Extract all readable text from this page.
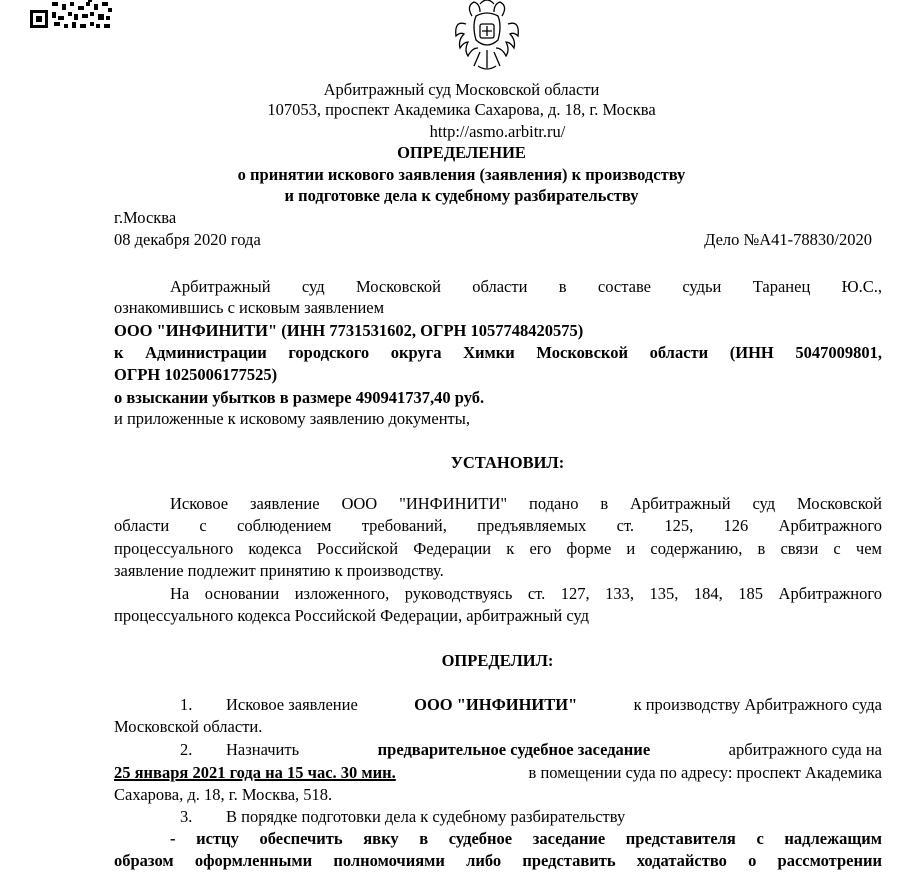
Арбитражный суд Московской области
107053, проспект Академика Сахарова, д. 18, г. Москва
http://asmo.arbitr.ru/
ОПРЕДЕЛЕНИЕ
о принятии искового заявления (заявления) к производству
и подготовке дела к судебному разбирательству
г.Москва
08 декабря 2020 года	Дело №А41-78830/2020
Арбитражный суд Московской области в составе судьи Таранец Ю.С.,
ознакомившись с исковым заявлением
ООО "ИНФИНИТИ" (ИНН 7731531602, ОГРН 1057748420575)
к Администрации городского округа Химки Московской области (ИНН 5047009801,
ОГРН 1025006177525)
о взыскании убытков в размере 490941737,40 руб.
и приложенные к исковому заявлению документы,
УСТАНОВИЛ:
Исковое заявление ООО "ИНФИНИТИ" подано в Арбитражный суд Московской
области с соблюдением требований, предъявляемых ст. 125, 126 Арбитражного
процессуального кодекса Российской Федерации к его форме и содержанию, в связи с чем
заявление подлежит принятию к производству.
На основании изложенного, руководствуясь ст. 127, 133, 135, 184, 185 Арбитражного
процессуального кодекса Российской Федерации, арбитражный суд
ОПРЕДЕЛИЛ:
1. Исковое заявление	ООО "ИНФИНИТИ"	к производству Арбитражного суда
Московской области.
2. Назначить	предварительное судебное заседание	арбитражного суда на
25 января 2021 года на 15 час. 30 мин.	в помещении суда по адресу: проспект Академика
Сахарова, д. 18, г. Москва, 518.
3. В порядке подготовки дела к судебному разбирательству
- истцу обеспечить явку в судебное заседание представителя с надлежащим
образом оформленными полномочиями либо представить ходатайство о рассмотрении
